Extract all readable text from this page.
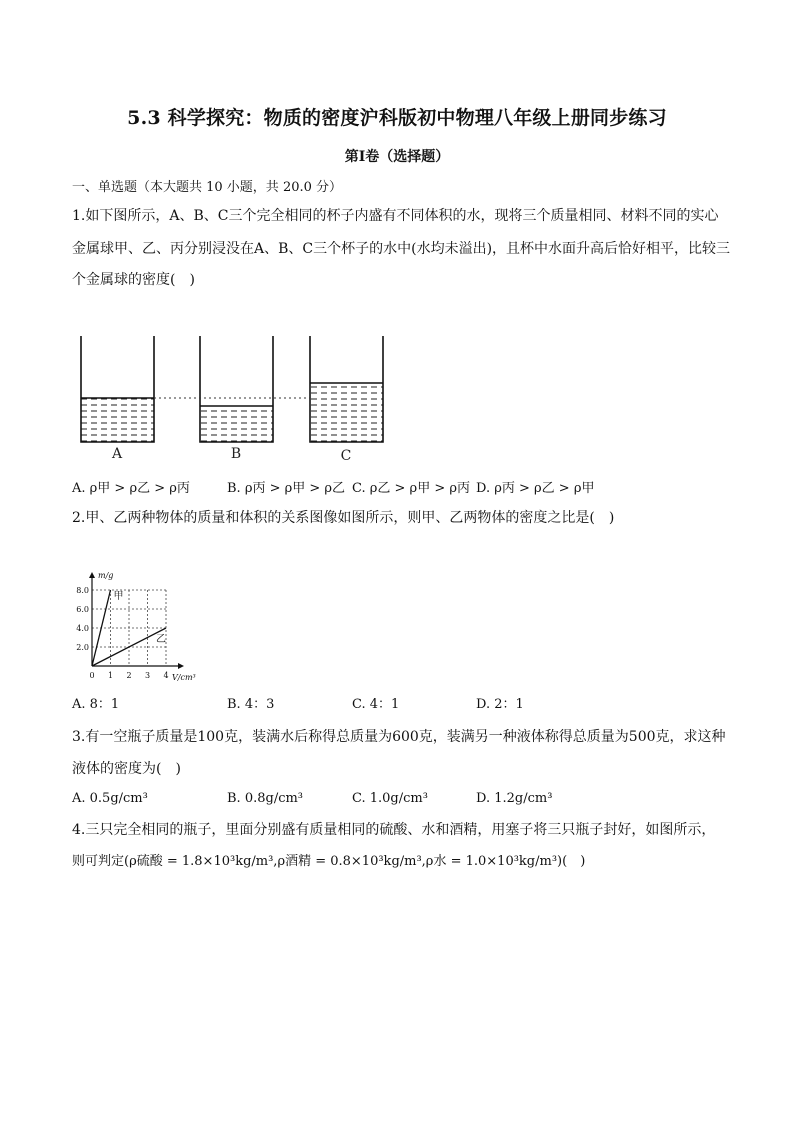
5.3 科学探究：物质的密度沪科版初中物理八年级上册同步练习
第Ⅰ卷（选择题）
一、单选题（本大题共 10 小题，共 20.0 分）
1.如下图所示，A、B、C三个完全相同的杯子内盛有不同体积的水，现将三个质量相同、材料不同的实心
金属球甲、乙、丙分别浸没在A、B、C三个杯子的水中(水均未溢出)，且杯中水面升高后恰好相平，比较三
个金属球的密度(　)
A	B	C
A. ρ甲 > ρ乙 > ρ丙	B. ρ丙 > ρ甲 > ρ乙 C. ρ乙 > ρ甲 > ρ丙 D. ρ丙 > ρ乙 > ρ甲
2.甲、乙两种物体的质量和体积的关系图像如图所示，则甲、乙两物体的密度之比是(　)
0 1 2 3 4
2.0
4.0
6.0
8.0
m/g
V/cm³
甲
乙
A. 8：1	B. 4：3	C. 4：1	D. 2：1
3.有一空瓶子质量是100克，装满水后称得总质量为600克，装满另一种液体称得总质量为500克，求这种
液体的密度为(　)
A. 0.5g/cm³	B. 0.8g/cm³	C. 1.0g/cm³	D. 1.2g/cm³
4.三只完全相同的瓶子，里面分别盛有质量相同的硫酸、水和酒精，用塞子将三只瓶子封好，如图所示，
则可判定(ρ硫酸 = 1.8×10³kg/m³,ρ酒精 = 0.8×10³kg/m³,ρ水 = 1.0×10³kg/m³)(　)
